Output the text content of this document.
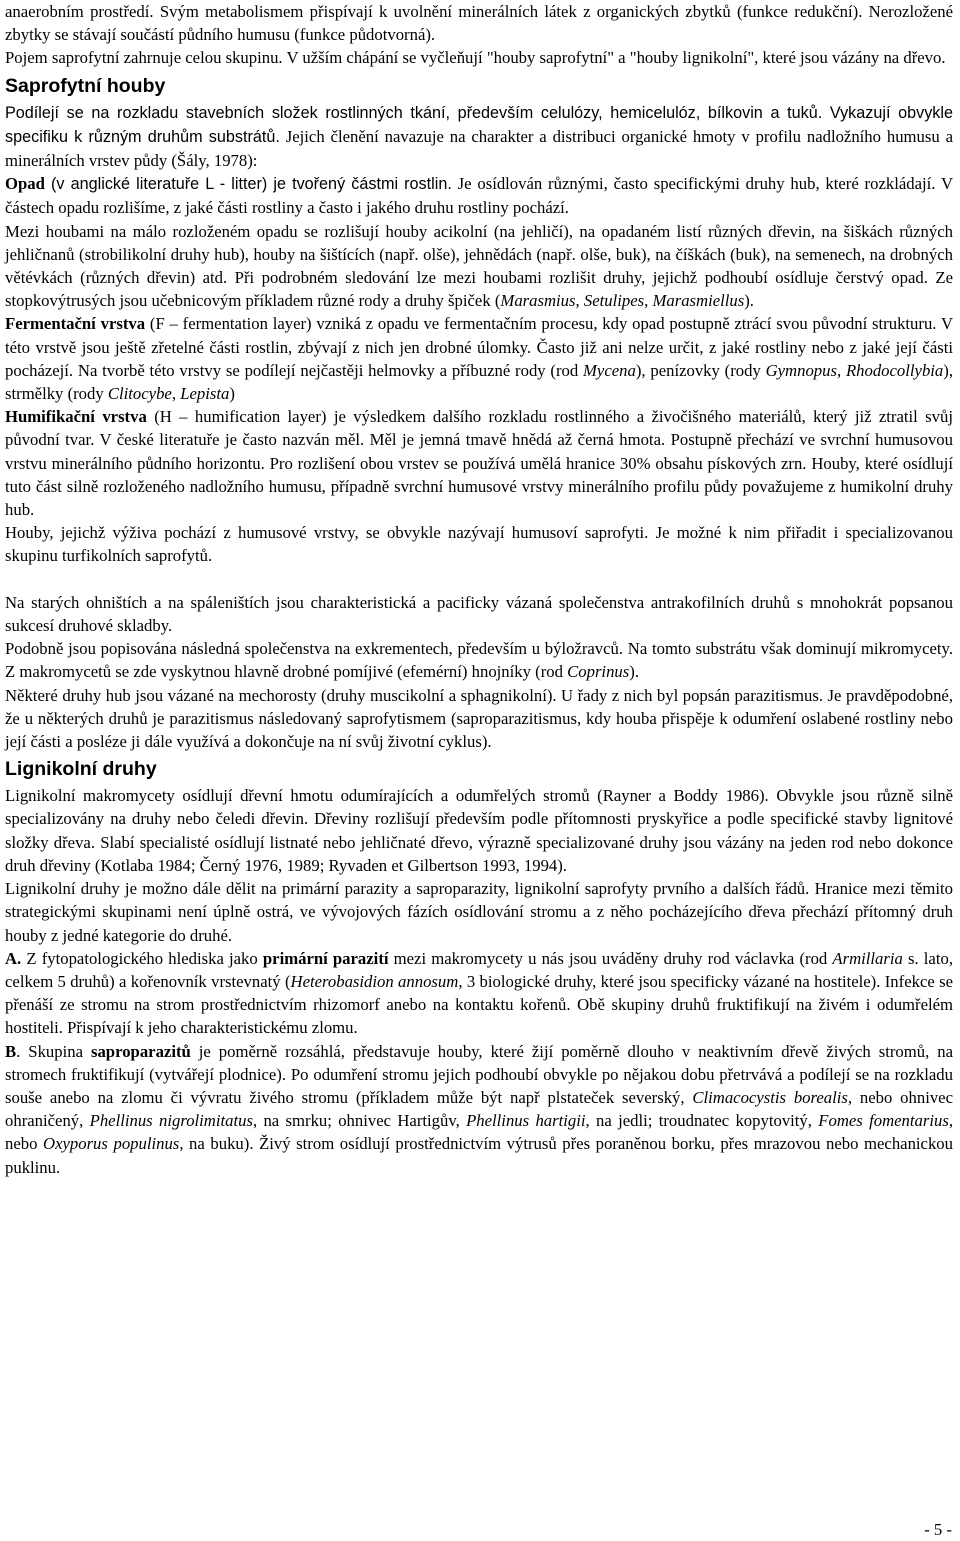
anaerobním prostředí. Svým metabolismem přispívají k uvolnění minerálních látek z organických zbytků (funkce redukční). Nerozložené zbytky se stávají součástí půdního humusu (funkce půdotvorná).

Pojem saprofytní zahrnuje celou skupinu. V užším chápání se vyčleňují "houby saprofytní" a "houby lignikolní", které jsou vázány na dřevo.

Saprofytní houby

Podílejí se na rozkladu stavebních složek rostlinných tkání, především celulózy, hemicelulóz, bílkovin a tuků. Vykazují obvykle specifiku k různým druhům substrátů. Jejich členění navazuje na charakter a distribuci organické hmoty v profilu nadložního humusu a minerálních vrstev půdy (Šály, 1978):

Opad (v anglické literatuře L - litter) je tvořený částmi rostlin. Je osídlován různými, často specifickými druhy hub, které rozkládají. V částech opadu rozlišíme, z jaké části rostliny a často i jakého druhu rostliny pochází.

Mezi houbami na málo rozloženém opadu se rozlišují houby acikolní (na jehličí), na opadaném listí různých dřevin, na šiškách různých jehličnanů (strobilikolní druhy hub), houby na šištících (např. olše), jehnědách (např. olše, buk), na číškách (buk), na semenech, na drobných větévkách (různých dřevin) atd. Při podrobném sledování lze mezi houbami rozlišit druhy, jejichž podhoubí osídluje čerstvý opad. Ze stopkovýtrusých jsou učebnicovým příkladem různé rody a druhy špiček (Marasmius, Setulipes, Marasmiellus).

Fermentační vrstva (F – fermentation layer) vzniká z opadu ve fermentačním procesu, kdy opad postupně ztrácí svou původní strukturu. V této vrstvě jsou ještě zřetelné části rostlin, zbývají z nich jen drobné úlomky. Často již ani nelze určit, z jaké rostliny nebo z jaké její části pocházejí. Na tvorbě této vrstvy se podílejí nejčastěji helmovky a příbuzné rody (rod Mycena), penízovky (rody Gymnopus, Rhodocollybia), strmělky (rody Clitocybe, Lepista)

Humifikační vrstva (H – humification layer) je výsledkem dalšího rozkladu rostlinného a živočišného materiálů, který již ztratil svůj původní tvar. V české literatuře je často nazván měl. Měl je jemná tmavě hnědá až černá hmota. Postupně přechází ve svrchní humusovou vrstvu minerálního půdního horizontu. Pro rozlišení obou vrstev se používá umělá hranice 30% obsahu pískových zrn. Houby, které osídlují tuto část silně rozloženého nadložního humusu, případně svrchní humusové vrstvy minerálního profilu půdy považujeme z humikolní druhy hub.

Houby, jejichž výživa pochází z humusové vrstvy, se obvykle nazývají humusoví saprofyti. Je možné k nim přiřadit i specializovanou skupinu turfikolních saprofytů.

Na starých ohništích a na spáleništích jsou charakteristická a pacificky vázaná společenstva antrakofilních druhů s mnohokrát popsanou sukcesí druhové skladby.

Podobně jsou popisována následná společenstva na exkrementech, především u býložravců. Na tomto substrátu však dominují mikromycety. Z makromycetů se zde vyskytnou hlavně drobné pomíjivé (efemérní) hnojníky (rod Coprinus).

Některé druhy hub jsou vázané na mechorosty (druhy muscikolní a sphagnikolní). U řady z nich byl popsán parazitismus. Je pravděpodobné, že u některých druhů je parazitismus následovaný saprofytismem (saproparazitismus, kdy houba přispěje k odumření oslabené rostliny nebo její části a posléze ji dále využívá a dokončuje na ní svůj životní cyklus).

Lignikolní druhy

Lignikolní makromycety osídlují dřevní hmotu odumírajících a odumřelých stromů (Rayner a Boddy 1986). Obvykle jsou různě silně specializovány na druhy nebo čeledi dřevin. Dřeviny rozlišují především podle přítomnosti pryskyřice a podle specifické stavby lignitové složky dřeva. Slabí specialisté osídlují listnaté nebo jehličnaté dřevo, výrazně specializované druhy jsou vázány na jeden rod nebo dokonce druh dřeviny (Kotlaba 1984; Černý 1976, 1989; Ryvaden et Gilbertson 1993, 1994).

Lignikolní druhy je možno dále dělit na primární parazity a saproparazity, lignikolní saprofyty prvního a dalších řádů. Hranice mezi těmito strategickými skupinami není úplně ostrá, ve vývojových fázích osídlování stromu a z něho pocházejícího dřeva přechází přítomný druh houby z jedné kategorie do druhé.

A. Z fytopatologického hlediska jako primární parazití mezi makromycety u nás jsou uváděny druhy rod václavka (rod Armillaria s. lato, celkem 5 druhů) a kořenovník vrstevnatý (Heterobasidion annosum, 3 biologické druhy, které jsou specificky vázané na hostitele). Infekce se přenáší ze stromu na strom prostřednictvím rhizomorf anebo na kontaktu kořenů. Obě skupiny druhů fruktifikují na živém i odumřelém hostiteli. Přispívají k jeho charakteristickému zlomu.

B. Skupina saproparazitů je poměrně rozsáhlá, představuje houby, které žijí poměrně dlouho v neaktivním dřevě živých stromů, na stromech fruktifikují (vytvářejí plodnice). Po odumření stromu jejich podhoubí obvykle po nějakou dobu přetrvává a podílejí se na rozkladu souše anebo na zlomu či vývratu živého stromu (příkladem může být např plstateček severský, Climacocystis borealis, nebo ohnivec ohraničený, Phellinus nigrolimitatus, na smrku; ohnivec Hartigův, Phellinus hartigii, na jedli; troudnatec kopytovitý, Fomes fomentarius, nebo Oxyporus populinus, na buku). Živý strom osídlují prostřednictvím výtrusů přes poraněnou borku, přes mrazovou nebo mechanickou puklinu.

- 5 -
